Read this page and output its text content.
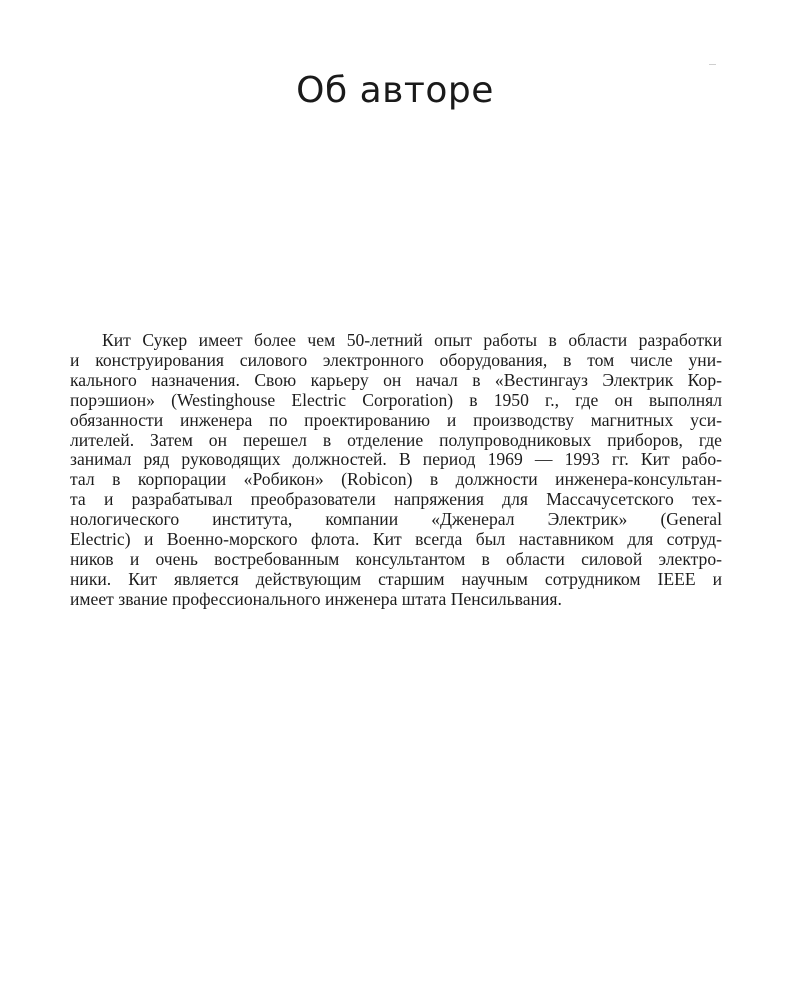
Об авторе
Кит Сукер имеет более чем 50-летний опыт работы в области разработки
и конструирования силового электронного оборудования, в том числе уни-
кального назначения. Свою карьеру он начал в «Вестингауз Электрик Кор-
порэшион» (Westinghouse Electric Corporation) в 1950 г., где он выполнял
обязанности инженера по проектированию и производству магнитных уси-
лителей. Затем он перешел в отделение полупроводниковых приборов, где
занимал ряд руководящих должностей. В период 1969 — 1993 гг. Кит рабо-
тал в корпорации «Робикон» (Robicon) в должности инженера-консультан-
та и разрабатывал преобразователи напряжения для Массачусетского тех-
нологического института, компании «Дженерал Электрик» (General
Electric) и Военно-морского флота. Кит всегда был наставником для сотруд-
ников и очень востребованным консультантом в области силовой электро-
ники. Кит является действующим старшим научным сотрудником IEEE и
имеет звание профессионального инженера штата Пенсильвания.
